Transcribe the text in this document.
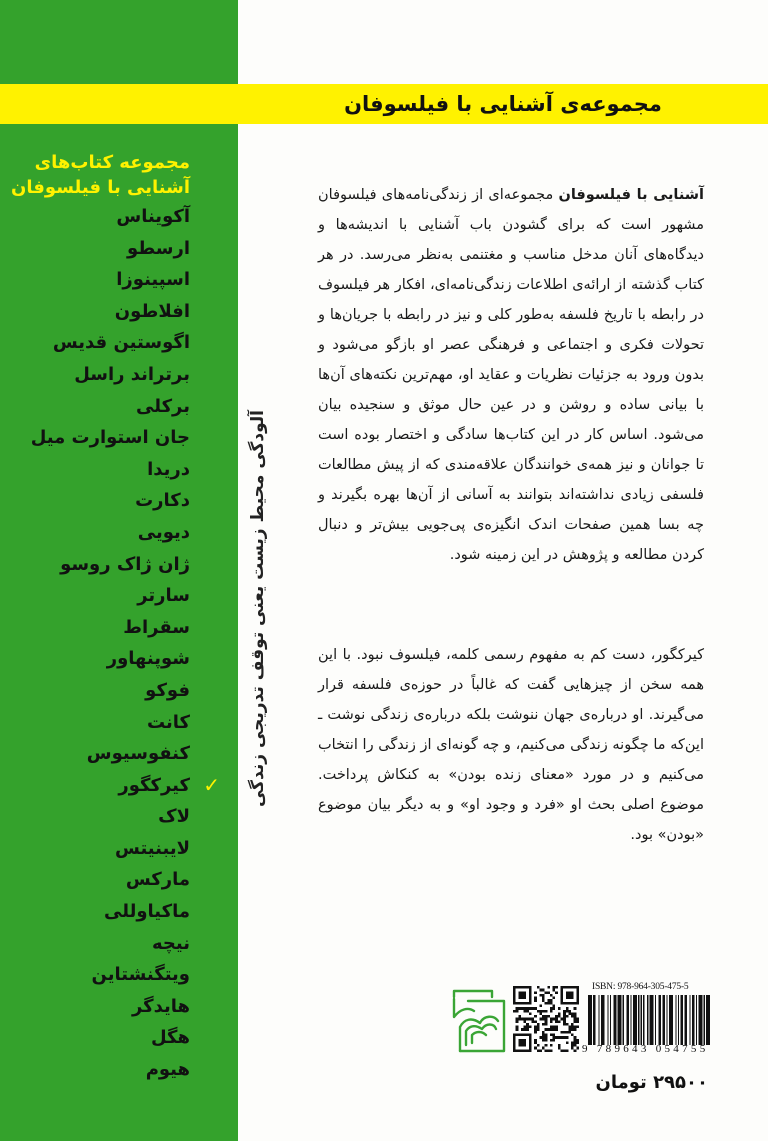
مجموعه‌ی آشنایی با فیلسوفان
مجموعه کتاب‌های
آشنایی با فیلسوفان
آکویناس
ارسطو
اسپینوزا
افلاطون
اگوستین قدیس
برتراند راسل
برکلی
جان استوارت میل
دریدا
دکارت
دیویی
ژان ژاک روسو
سارتر
سقراط
شوپنهاور
فوکو
کانت
کنفوسیوس
کیرکگور ✓
لاک
لایبنیتس
مارکس
ماکیاوللی
نیچه
ویتگنشتاین
هایدگر
هگل
هیوم
آلودگی محیط زیست یعنی توقف تدریجی زندگی

آشنایی با فیلسوفان مجموعه‌ای از زندگی‌نامه‌های فیلسوفان مشهور است که برای گشودن باب آشنایی با اندیشه‌ها و دیدگاه‌های آنان مدخل مناسب و مغتنمی به‌نظر می‌رسد. در هر کتاب گذشته از ارائه‌ی اطلاعات زندگی‌نامه‌ای، افکار هر فیلسوف در رابطه با تاریخ فلسفه به‌طور کلی و نیز در رابطه با جریان‌ها و تحولات فکری و اجتماعی و فرهنگی عصر او بازگو می‌شود و بدون ورود به جزئیات نظریات و عقاید او، مهم‌ترین نکته‌های آن‌ها با بیانی ساده و روشن و در عین حال موثق و سنجیده بیان می‌شود. اساس کار در این کتاب‌ها سادگی و اختصار بوده است تا جوانان و نیز همه‌ی خوانندگان علاقه‌مندی که از پیش مطالعات فلسفی زیادی نداشته‌اند بتوانند به آسانی از آن‌ها بهره بگیرند و چه بسا همین صفحات اندک انگیزه‌ی پی‌جویی بیش‌تر و دنبال کردن مطالعه و پژوهش در این زمینه شود.

کیرکگور، دست کم به مفهوم رسمی کلمه، فیلسوف نبود. با این همه سخن از چیزهایی گفت که غالباً در حوزه‌ی فلسفه قرار می‌گیرند. او درباره‌ی جهان ننوشت بلکه درباره‌ی زندگی نوشت ـ این‌که ما چگونه زندگی می‌کنیم، و چه گونه‌ای از زندگی را انتخاب می‌کنیم و در مورد «معنای زنده بودن» به کنکاش پرداخت. موضوع اصلی بحث او «فرد و وجود او» و به دیگر بیان موضوع «بودن» بود.

ISBN: 978-964-305-475-5
9 789643 054755
۲۹۵۰۰ تومان
